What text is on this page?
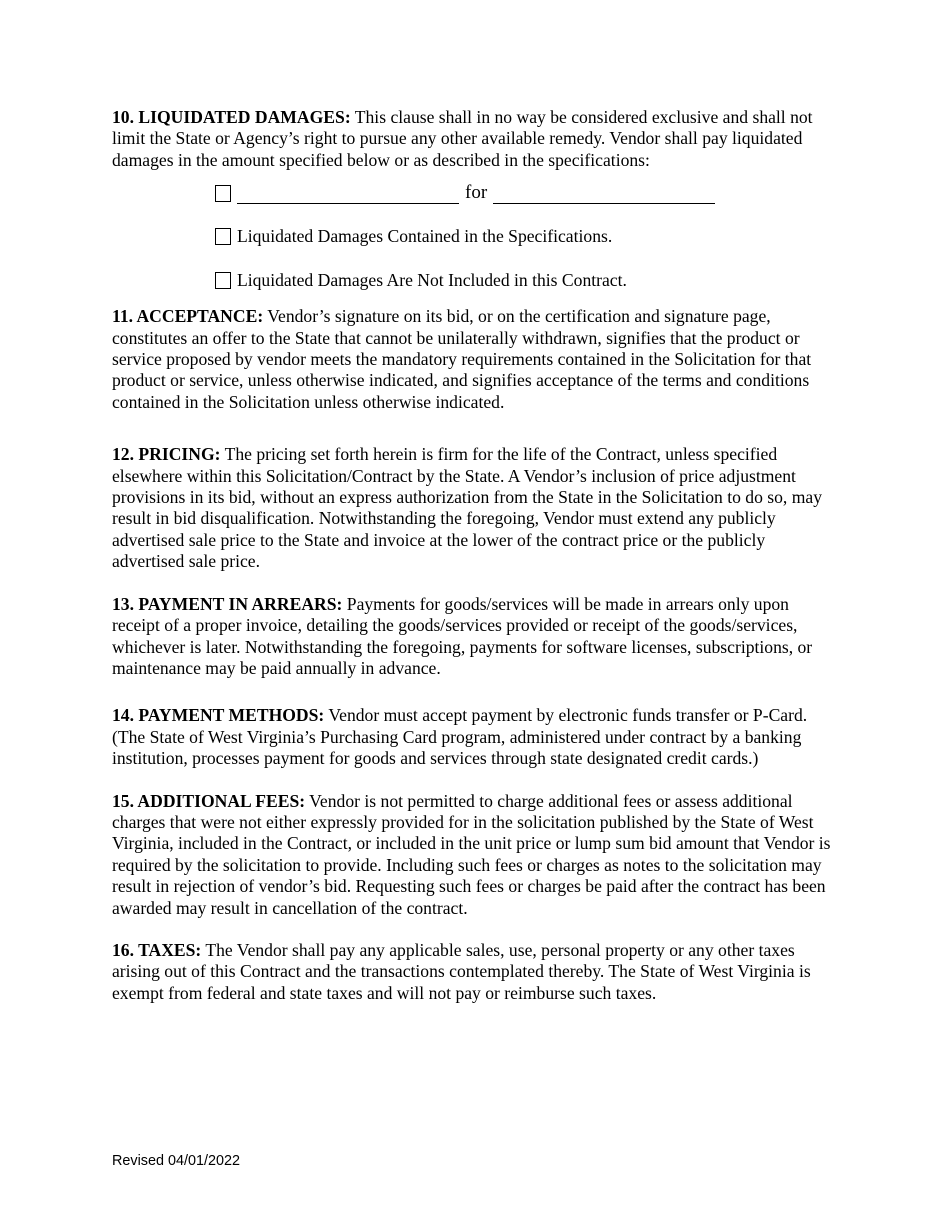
10. LIQUIDATED DAMAGES: This clause shall in no way be considered exclusive and shall not limit the State or Agency’s right to pursue any other available remedy. Vendor shall pay liquidated damages in the amount specified below or as described in the specifications:

for
Liquidated Damages Contained in the Specifications.
Liquidated Damages Are Not Included in this Contract.

11. ACCEPTANCE: Vendor’s signature on its bid, or on the certification and signature page, constitutes an offer to the State that cannot be unilaterally withdrawn, signifies that the product or service proposed by vendor meets the mandatory requirements contained in the Solicitation for that product or service, unless otherwise indicated, and signifies acceptance of the terms and conditions contained in the Solicitation unless otherwise indicated.

12. PRICING: The pricing set forth herein is firm for the life of the Contract, unless specified elsewhere within this Solicitation/Contract by the State. A Vendor’s inclusion of price adjustment provisions in its bid, without an express authorization from the State in the Solicitation to do so, may result in bid disqualification. Notwithstanding the foregoing, Vendor must extend any publicly advertised sale price to the State and invoice at the lower of the contract price or the publicly advertised sale price.

13. PAYMENT IN ARREARS: Payments for goods/services will be made in arrears only upon receipt of a proper invoice, detailing the goods/services provided or receipt of the goods/services, whichever is later. Notwithstanding the foregoing, payments for software licenses, subscriptions, or maintenance may be paid annually in advance.

14. PAYMENT METHODS: Vendor must accept payment by electronic funds transfer or P-Card. (The State of West Virginia’s Purchasing Card program, administered under contract by a banking institution, processes payment for goods and services through state designated credit cards.)

15. ADDITIONAL FEES: Vendor is not permitted to charge additional fees or assess additional charges that were not either expressly provided for in the solicitation published by the State of West Virginia, included in the Contract, or included in the unit price or lump sum bid amount that Vendor is required by the solicitation to provide. Including such fees or charges as notes to the solicitation may result in rejection of vendor’s bid. Requesting such fees or charges be paid after the contract has been awarded may result in cancellation of the contract.

16. TAXES: The Vendor shall pay any applicable sales, use, personal property or any other taxes arising out of this Contract and the transactions contemplated thereby. The State of West Virginia is exempt from federal and state taxes and will not pay or reimburse such taxes.

Revised 04/01/2022
